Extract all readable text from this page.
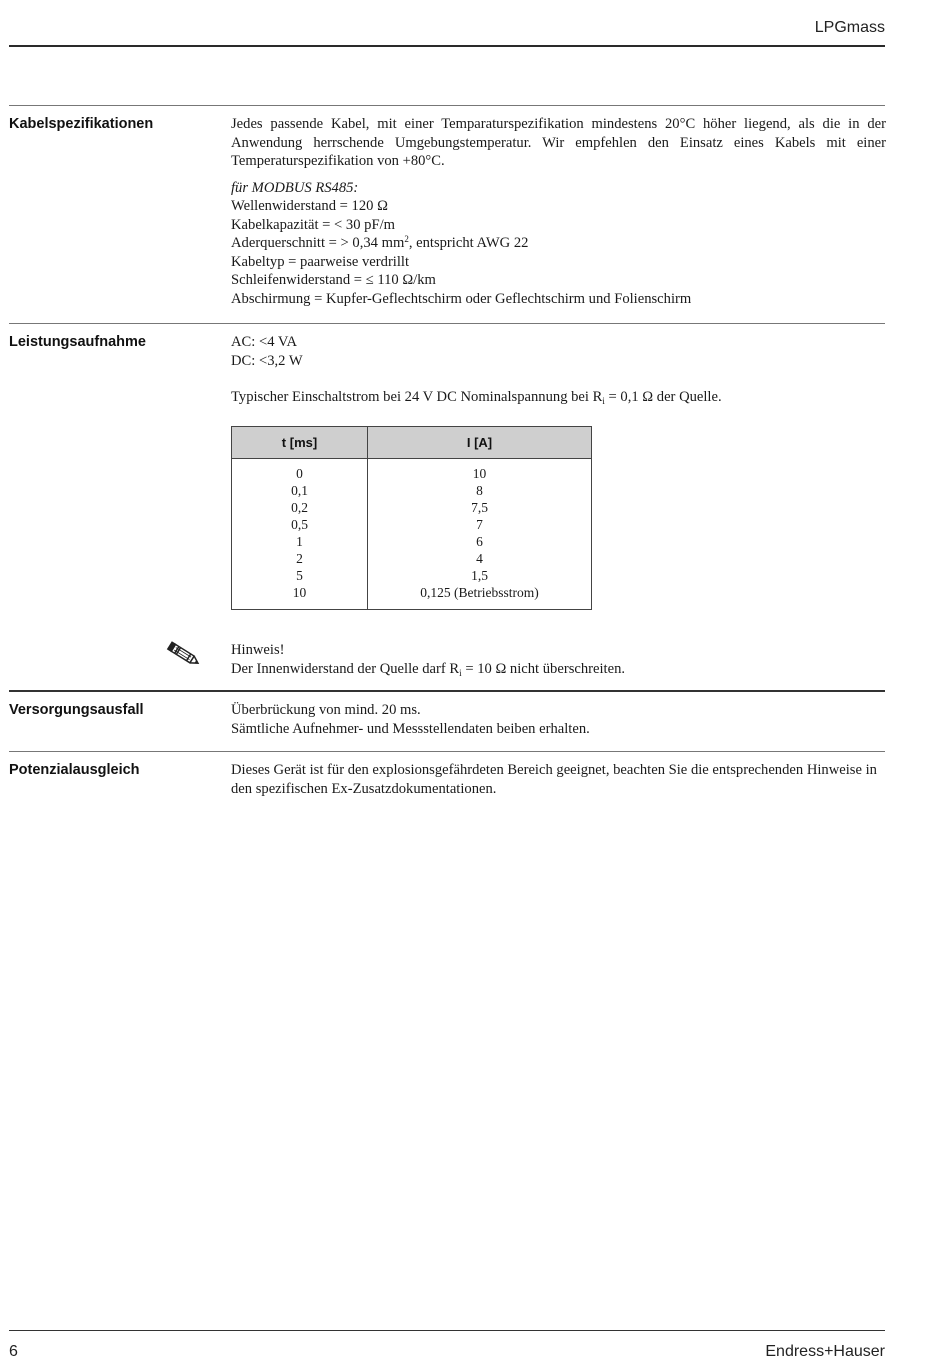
LPGmass
Kabelspezifikationen	Jedes passende Kabel, mit einer Temparaturspezifikation mindestens 20°C höher liegend, als die in der Anwendung herrschende Umgebungstemperatur. Wir empfehlen den Einsatz eines Kabels mit einer Temperaturspezifikation von +80°C.

für MODBUS RS485:

Wellenwiderstand = 120 Ω
Kabelkapazität = < 30 pF/m
Aderquerschnitt = > 0,34 $mm^2$, entspricht AWG 22
Kabeltyp = paarweise verdrillt
Schleifenwiderstand = ≤ 110 Ω/km
Abschirmung = Kupfer-Geflechtschirm oder Geflechtschirm und Folienschirm
Leistungsaufnahme	AC: <4 VA
DC: <3,2 W
Typischer Einschaltstrom bei 24 V DC Nominalspannung bei $R_i = 0,1$ Ω der Quelle.
t [ms]	I [A]
0	10
0,1	8
0,2	7,5
0,5	7
1	6
2	4
5	1,5
10	0,125 (Betriebsstrom)
Hinweis!
Der Innenwiderstand der Quelle darf $R_i = 10$ Ω nicht überschreiten.
Versorgungsausfall	Überbrückung von mind. 20 ms.
Sämtliche Aufnehmer- und Messstellendaten beiben erhalten.
Potenzialausgleich	Dieses Gerät ist für den explosionsgefährdeten Bereich geeignet, beachten Sie die entsprechenden Hinweise in den spezifischen Ex-Zusatzdokumentationen.

6	Endress+Hauser
